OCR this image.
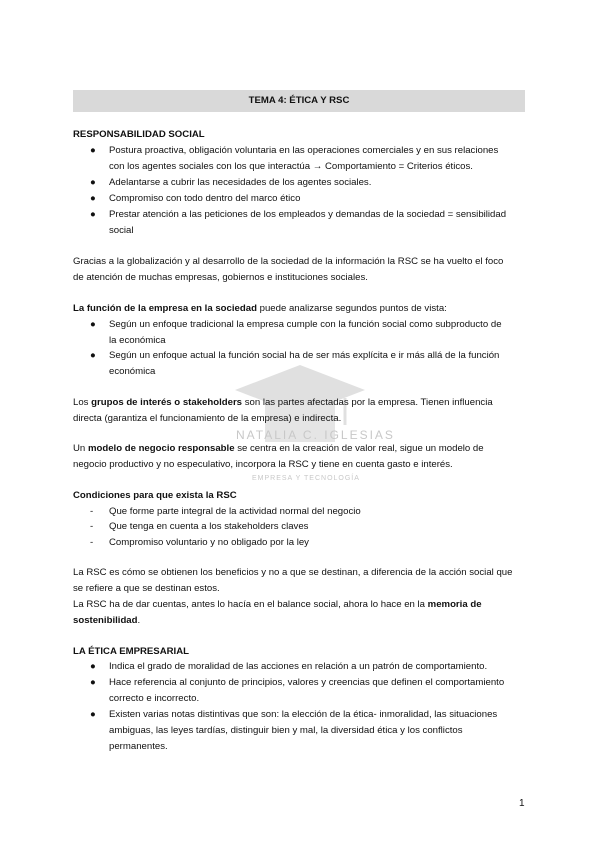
TEMA 4: ÉTICA Y RSC
RESPONSABILIDAD SOCIAL
● Postura proactiva, obligación voluntaria en las operaciones comerciales y en sus relaciones
con los agentes sociales con los que interactúa → Comportamiento = Criterios éticos.
● Adelantarse a cubrir las necesidades de los agentes sociales.
● Compromiso con todo dentro del marco ético
● Prestar atención a las peticiones de los empleados y demandas de la sociedad = sensibilidad
social
Gracias a la globalización y al desarrollo de la sociedad de la información la RSC se ha vuelto el foco
de atención de muchas empresas, gobiernos e instituciones sociales.
La función de la empresa en la sociedad puede analizarse segundos puntos de vista:
● Según un enfoque tradicional la empresa cumple con la función social como subproducto de
la económica
● Según un enfoque actual la función social ha de ser más explícita e ir más allá de la función
económica
Los grupos de interés o stakeholders son las partes afectadas por la empresa. Tienen influencia
directa (garantiza el funcionamiento de la empresa) e indirecta.
NATALIA C. IGLESIAS
Un modelo de negocio responsable se centra en la creación de valor real, sigue un modelo de
negocio productivo y no especulativo, incorpora la RSC y tiene en cuenta gasto e interés.
EMPRESA Y TECNOLOGÍA
Condiciones para que exista la RSC
- Que forme parte integral de la actividad normal del negocio
- Que tenga en cuenta a los stakeholders claves
- Compromiso voluntario y no obligado por la ley
La RSC es cómo se obtienen los beneficios y no a que se destinan, a diferencia de la acción social que
se refiere a que se destinan estos.
La RSC ha de dar cuentas, antes lo hacía en el balance social, ahora lo hace en la memoria de
sostenibilidad.
LA ÉTICA EMPRESARIAL
● Indica el grado de moralidad de las acciones en relación a un patrón de comportamiento.
● Hace referencia al conjunto de principios, valores y creencias que definen el comportamiento
correcto e incorrecto.
● Existen varias notas distintivas que son: la elección de la ética- inmoralidad, las situaciones
ambiguas, las leyes tardías, distinguir bien y mal, la diversidad ética y los conflictos
permanentes.
1
